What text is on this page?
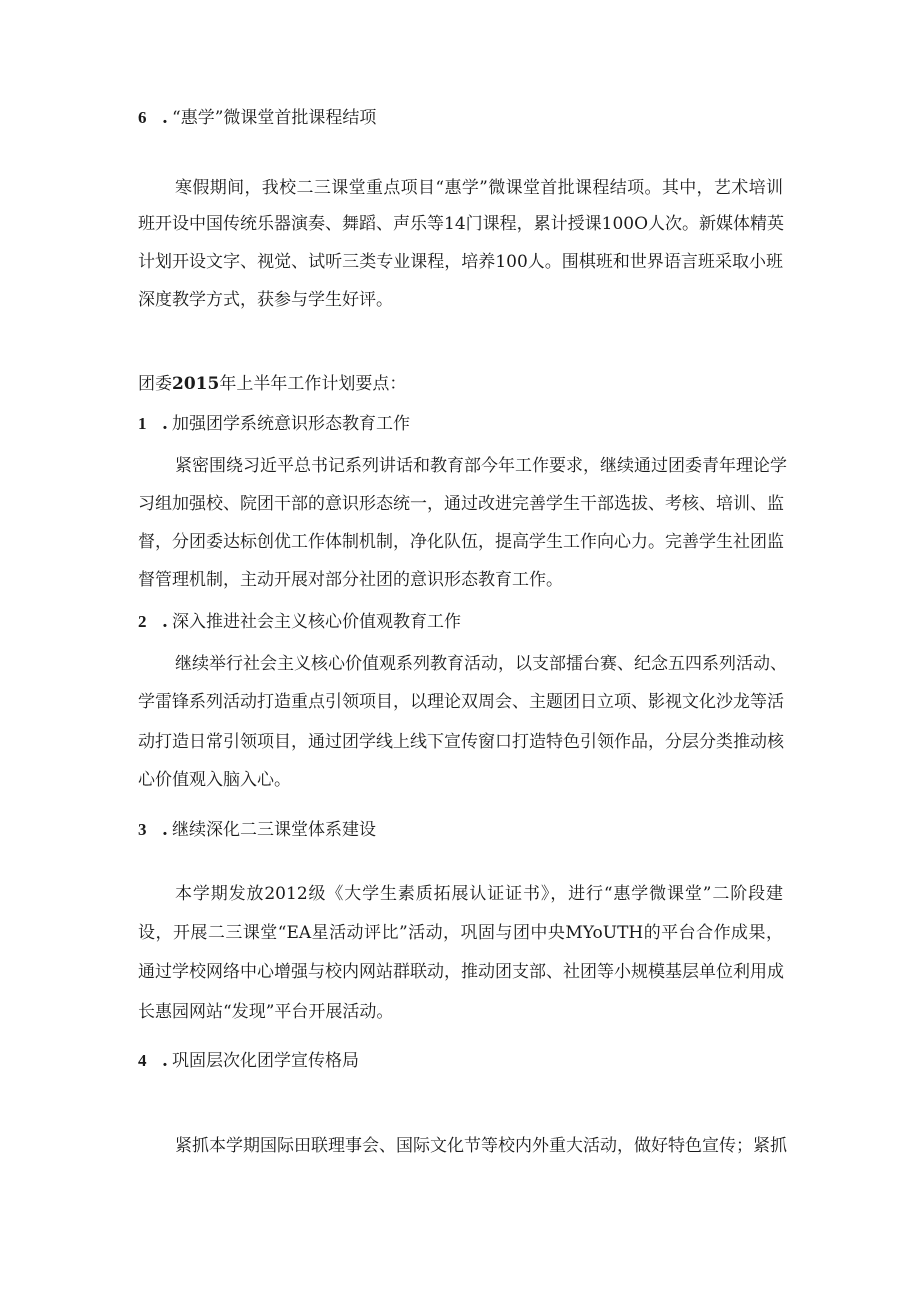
6 . “惠学”微课堂首批课程结项

寒假期间，我校二三课堂重点项目“惠学”微课堂首批课程结项。其中，艺术培训

班开设中国传统乐器演奏、舞蹈、声乐等14门课程，累计授课100O人次。新媒体精英

计划开设文字、视觉、试听三类专业课程，培养100人。围棋班和世界语言班采取小班

深度教学方式，获参与学生好评。

团委2015年上半年工作计划要点：
1 . 加强团学系统意识形态教育工作

紧密围绕习近平总书记系列讲话和教育部今年工作要求，继续通过团委青年理论学

习组加强校、院团干部的意识形态统一，通过改进完善学生干部选拔、考核、培训、监

督，分团委达标创优工作体制机制，净化队伍，提高学生工作向心力。完善学生社团监

督管理机制，主动开展对部分社团的意识形态教育工作。

2 . 深入推进社会主义核心价值观教育工作

继续举行社会主义核心价值观系列教育活动，以支部擂台赛、纪念五四系列活动、

学雷锋系列活动打造重点引领项目，以理论双周会、主题团日立项、影视文化沙龙等活

动打造日常引领项目，通过团学线上线下宣传窗口打造特色引领作品，分层分类推动核

心价值观入脑入心。

3 . 继续深化二三课堂体系建设

本学期发放2012级《大学生素质拓展认证证书》，进行“惠学微课堂”二阶段建

设，开展二三课堂“EA星活动评比”活动，巩固与团中央MYoUTH的平台合作成果，

通过学校网络中心增强与校内网站群联动，推动团支部、社团等小规模基层单位利用成

长惠园网站“发现”平台开展活动。

4 . 巩固层次化团学宣传格局

紧抓本学期国际田联理事会、国际文化节等校内外重大活动，做好特色宣传；紧抓
